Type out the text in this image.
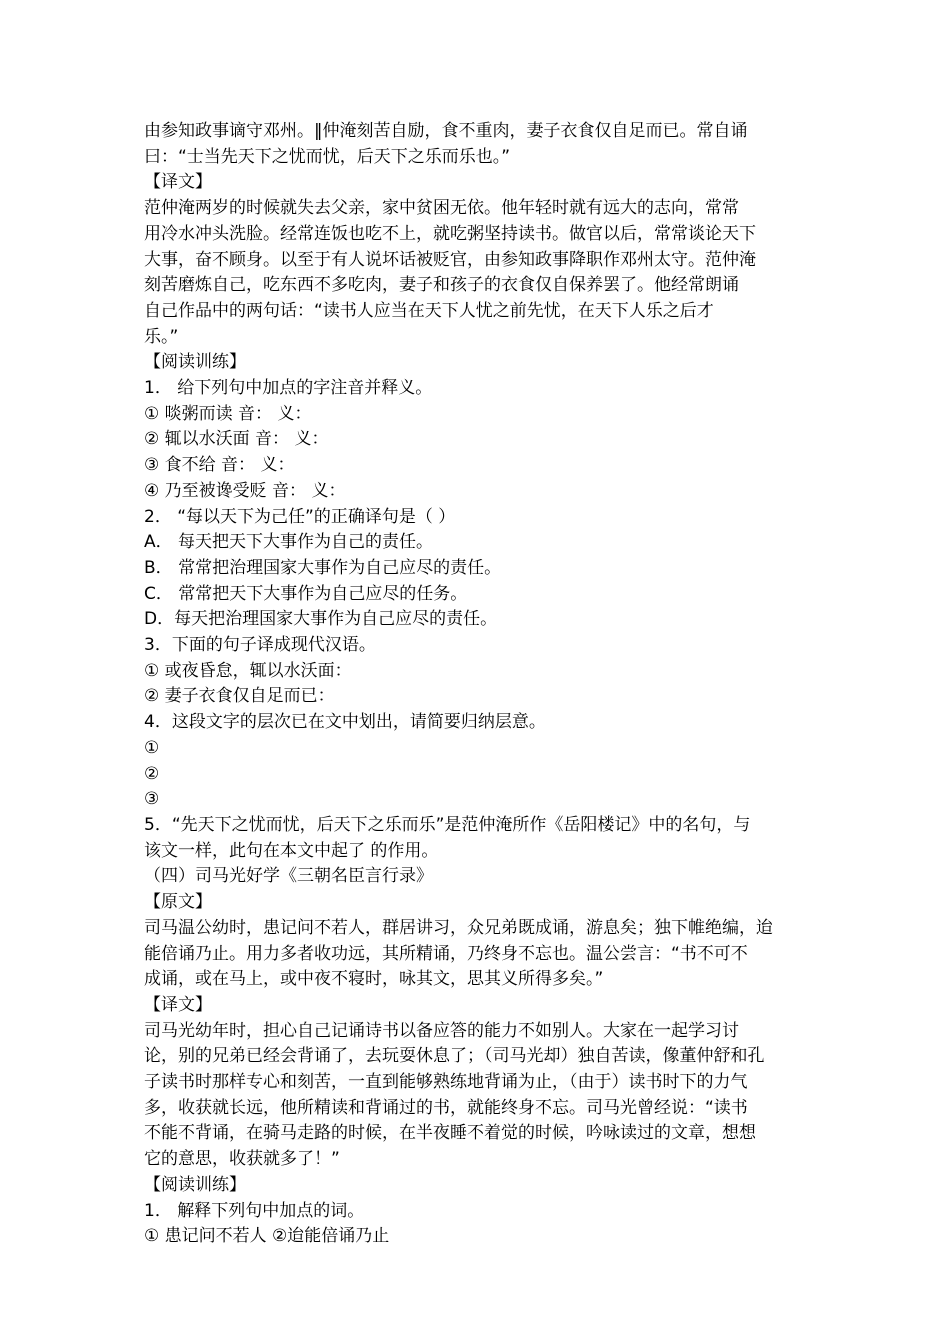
由参知政事谪守邓州。‖仲淹刻苦自励，食不重肉，妻子衣食仅自足而已。常自诵

曰：“士当先天下之忧而忧，后天下之乐而乐也。”

【译文】

范仲淹两岁的时候就失去父亲，家中贫困无依。他年轻时就有远大的志向，常常

用冷水冲头洗脸。经常连饭也吃不上，就吃粥坚持读书。做官以后，常常谈论天下

大事，奋不顾身。以至于有人说坏话被贬官，由参知政事降职作邓州太守。范仲淹

刻苦磨炼自己，吃东西不多吃肉，妻子和孩子的衣食仅自保养罢了。他经常朗诵

自己作品中的两句话：“读书人应当在天下人忧之前先忧，在天下人乐之后才

乐。”

【阅读训练】

1． 给下列句中加点的字注音并释义。

① 啖粥而读 音： 义：

② 辄以水沃面 音： 义：

③ 食不给 音： 义：

④ 乃至被谗受贬 音： 义：

2． “每以天下为己任”的正确译句是（ ）

A． 每天把天下大事作为自己的责任。

B． 常常把治理国家大事作为自己应尽的责任。

C． 常常把天下大事作为自己应尽的任务。

D．每天把治理国家大事作为自己应尽的责任。

3．下面的句子译成现代汉语。

① 或夜昏怠，辄以水沃面：

② 妻子衣食仅自足而已：

4．这段文字的层次已在文中划出，请简要归纳层意。

①

②

③

5．“先天下之忧而忧，后天下之乐而乐”是范仲淹所作《岳阳楼记》中的名句，与

该文一样，此句在本文中起了 的作用。

（四）司马光好学《三朝名臣言行录》

【原文】

司马温公幼时，患记问不若人，群居讲习，众兄弟既成诵，游息矣；独下帷绝编，迨

能倍诵乃止。用力多者收功远，其所精诵，乃终身不忘也。温公尝言：“书不可不

成诵，或在马上，或中夜不寝时，咏其文，思其义所得多矣。”

【译文】

司马光幼年时，担心自己记诵诗书以备应答的能力不如别人。大家在一起学习讨

论，别的兄弟已经会背诵了，去玩耍休息了；（司马光却）独自苦读，像董仲舒和孔

子读书时那样专心和刻苦，一直到能够熟练地背诵为止，（由于）读书时下的力气

多，收获就长远，他所精读和背诵过的书，就能终身不忘。司马光曾经说：“读书

不能不背诵，在骑马走路的时候，在半夜睡不着觉的时候，吟咏读过的文章，想想

它的意思，收获就多了！”

【阅读训练】

1． 解释下列句中加点的词。

① 患记问不若人 ②迨能倍诵乃止
